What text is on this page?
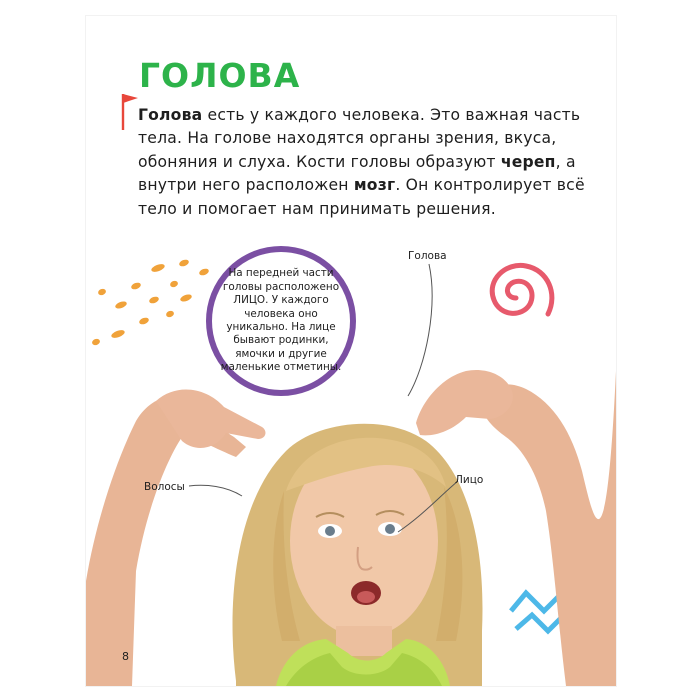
ГОЛОВА

Голова есть у каждого человека. Это важная часть тела. На голове находятся органы зрения, вкуса, обоняния и слуха. Кости головы образуют череп, а внутри него расположен мозг. Он контролирует всё тело и помогает нам принимать решения.

На передней части головы расположено ЛИЦО. У каждого человека оно уникально. На лице бывают родинки, ямочки и другие маленькие отметины.

Голова
Волосы
Лицо
8
